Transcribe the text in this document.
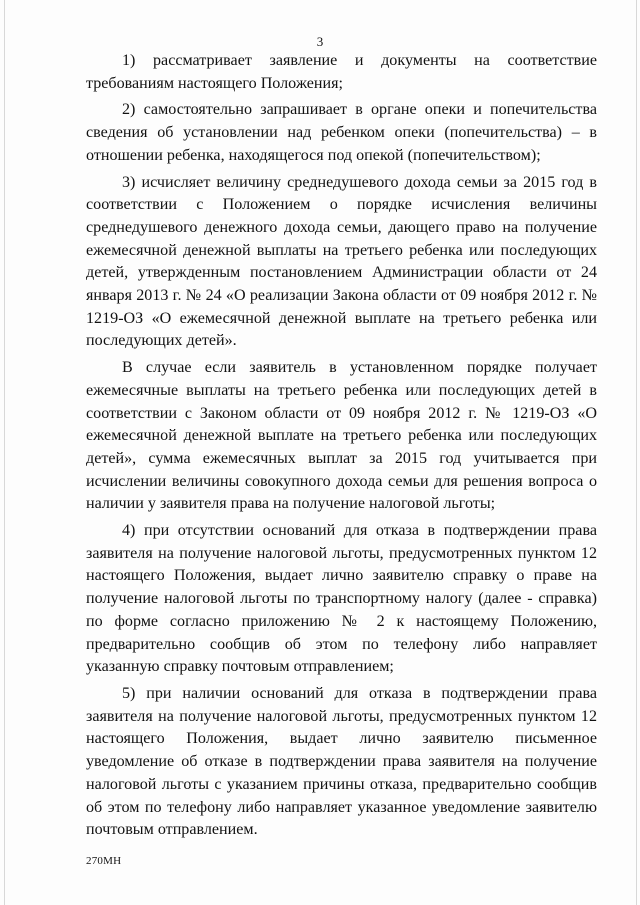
3

1) рассматривает заявление и документы на соответствие требованиям настоящего Положения;

2) самостоятельно запрашивает в органе опеки и попечительства сведения об установлении над ребенком опеки (попечительства) – в отношении ребенка, находящегося под опекой (попечительством);

3) исчисляет величину среднедушевого дохода семьи за 2015 год в соответствии с Положением о порядке исчисления величины среднедушевого денежного дохода семьи, дающего право на получение ежемесячной денежной выплаты на третьего ребенка или последующих детей, утвержденным постановлением Администрации области от 24 января 2013 г. № 24 «О реализации Закона области от 09 ноября 2012 г. № 1219-ОЗ «О ежемесячной денежной выплате на третьего ребенка или последующих детей».

В случае если заявитель в установленном порядке получает ежемесячные выплаты на третьего ребенка или последующих детей в соответствии с Законом области от 09 ноября 2012 г. № 1219-ОЗ «О ежемесячной денежной выплате на третьего ребенка или последующих детей», сумма ежемесячных выплат за 2015 год учитывается при исчислении величины совокупного дохода семьи для решения вопроса о наличии у заявителя права на получение налоговой льготы;

4) при отсутствии оснований для отказа в подтверждении права заявителя на получение налоговой льготы, предусмотренных пунктом 12 настоящего Положения, выдает лично заявителю справку о праве на получение налоговой льготы по транспортному налогу (далее - справка) по форме согласно приложению № 2 к настоящему Положению, предварительно сообщив об этом по телефону либо направляет указанную справку почтовым отправлением;

5) при наличии оснований для отказа в подтверждении права заявителя на получение налоговой льготы, предусмотренных пунктом 12 настоящего Положения, выдает лично заявителю письменное уведомление об отказе в подтверждении права заявителя на получение налоговой льготы с указанием причины отказа, предварительно сообщив об этом по телефону либо направляет указанное уведомление заявителю почтовым отправлением.

270МН
